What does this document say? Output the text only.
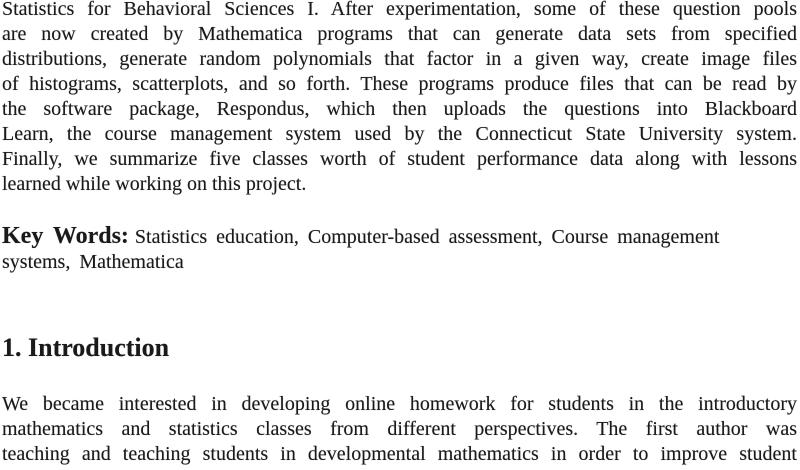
Statistics for Behavioral Sciences I. After experimentation, some of these question pools
are now created by Mathematica programs that can generate data sets from specified
distributions, generate random polynomials that factor in a given way, create image files
of histograms, scatterplots, and so forth. These programs produce files that can be read by
the software package, Respondus, which then uploads the questions into Blackboard
Learn, the course management system used by the Connecticut State University system.
Finally, we summarize five classes worth of student performance data along with lessons
learned while working on this project.
Key Words: Statistics education, Computer-based assessment, Course management
systems, Mathematica
1. Introduction
We became interested in developing online homework for students in the introductory
mathematics and statistics classes from different perspectives. The first author was
teaching and teaching students in developmental mathematics in order to improve student
